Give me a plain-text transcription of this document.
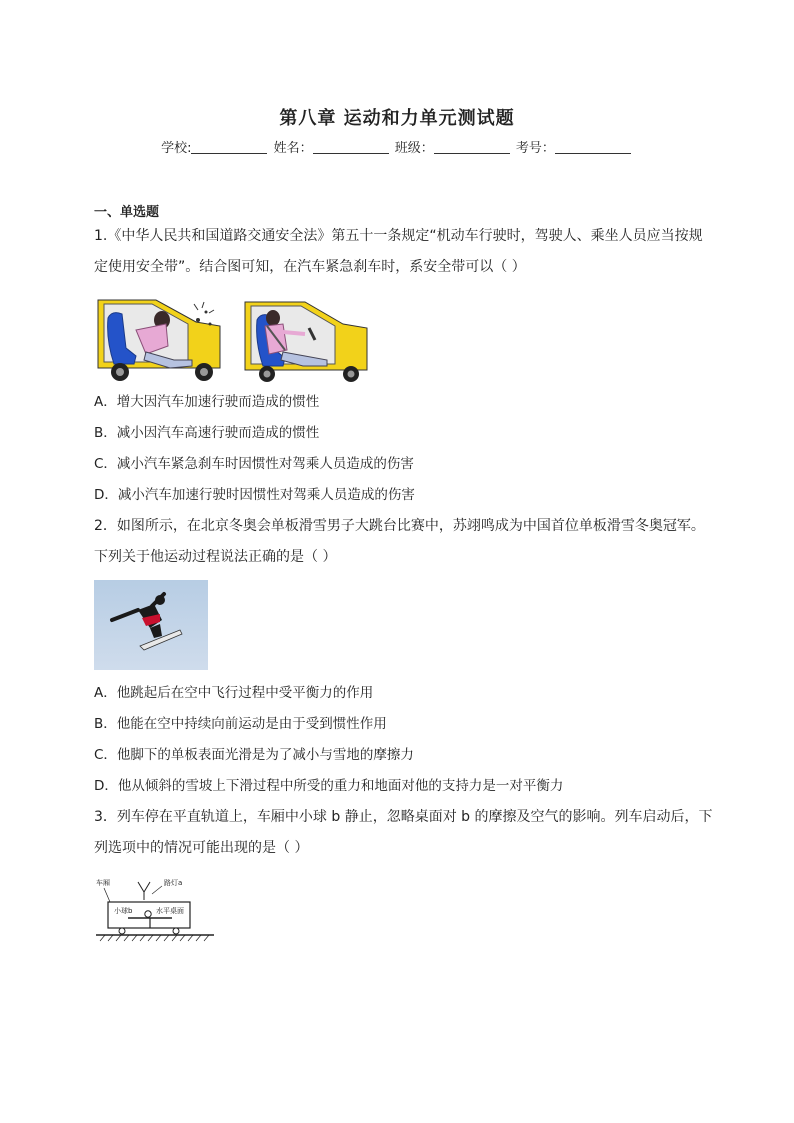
第八章 运动和力单元测试题
学校:	姓名：	班级：	考号：
一、单选题
1.《中华人民共和国道路交通安全法》第五十一条规定“机动车行驶时，驾驶人、乘坐人员应当按规
定使用安全带”。结合图可知，在汽车紧急刹车时，系安全带可以（ ）
A．增大因汽车加速行驶而造成的惯性
B．减小因汽车高速行驶而造成的惯性
C．减小汽车紧急刹车时因惯性对驾乘人员造成的伤害
D．减小汽车加速行驶时因惯性对驾乘人员造成的伤害
2．如图所示，在北京冬奥会单板滑雪男子大跳台比赛中，苏翊鸣成为中国首位单板滑雪冬奥冠军。
下列关于他运动过程说法正确的是（ ）
A．他跳起后在空中飞行过程中受平衡力的作用
B．他能在空中持续向前运动是由于受到惯性作用
C．他脚下的单板表面光滑是为了减小与雪地的摩擦力
D．他从倾斜的雪坡上下滑过程中所受的重力和地面对他的支持力是一对平衡力
3．列车停在平直轨道上，车厢中小球 b 静止，忽略桌面对 b 的摩擦及空气的影响。列车启动后，下
列选项中的情况可能出现的是（ ）
车厢	路灯a
小球b	水平桌面
